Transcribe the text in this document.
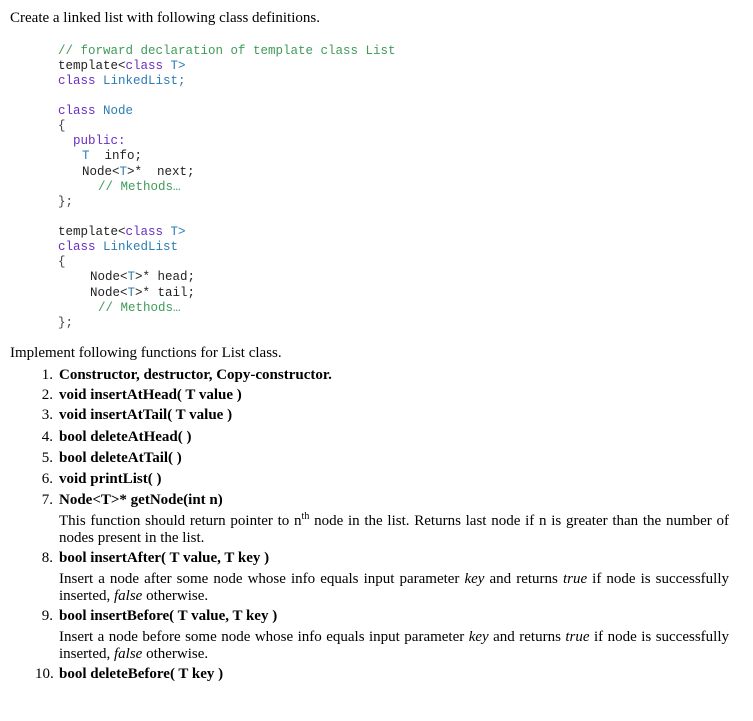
Create a linked list with following class definitions.
// forward declaration of template class List
template<class T>
class LinkedList;
class Node
{
public:
T  info;
Node<T>*  next;
// Methods…
};
template<class T>
class LinkedList
{
Node<T>* head;
Node<T>* tail;
// Methods…
};
Implement following functions for List class.
1. Constructor, destructor, Copy-constructor.
2. void insertAtHead( T value )
3. void insertAtTail( T value )
4. bool deleteAtHead( )
5. bool deleteAtTail( )
6. void printList( )
7. Node<T>* getNode(int n)
This function should return pointer to $n^{th}$ node in the list. Returns last node if n is greater than the number of nodes present in the list.
8. bool insertAfter( T value, T key )
Insert a node after some node whose info equals input parameter key and returns true if node is successfully inserted, false otherwise.
9. bool insertBefore( T value, T key )
Insert a node before some node whose info equals input parameter key and returns true if node is successfully inserted, false otherwise.
10. bool deleteBefore( T key )
